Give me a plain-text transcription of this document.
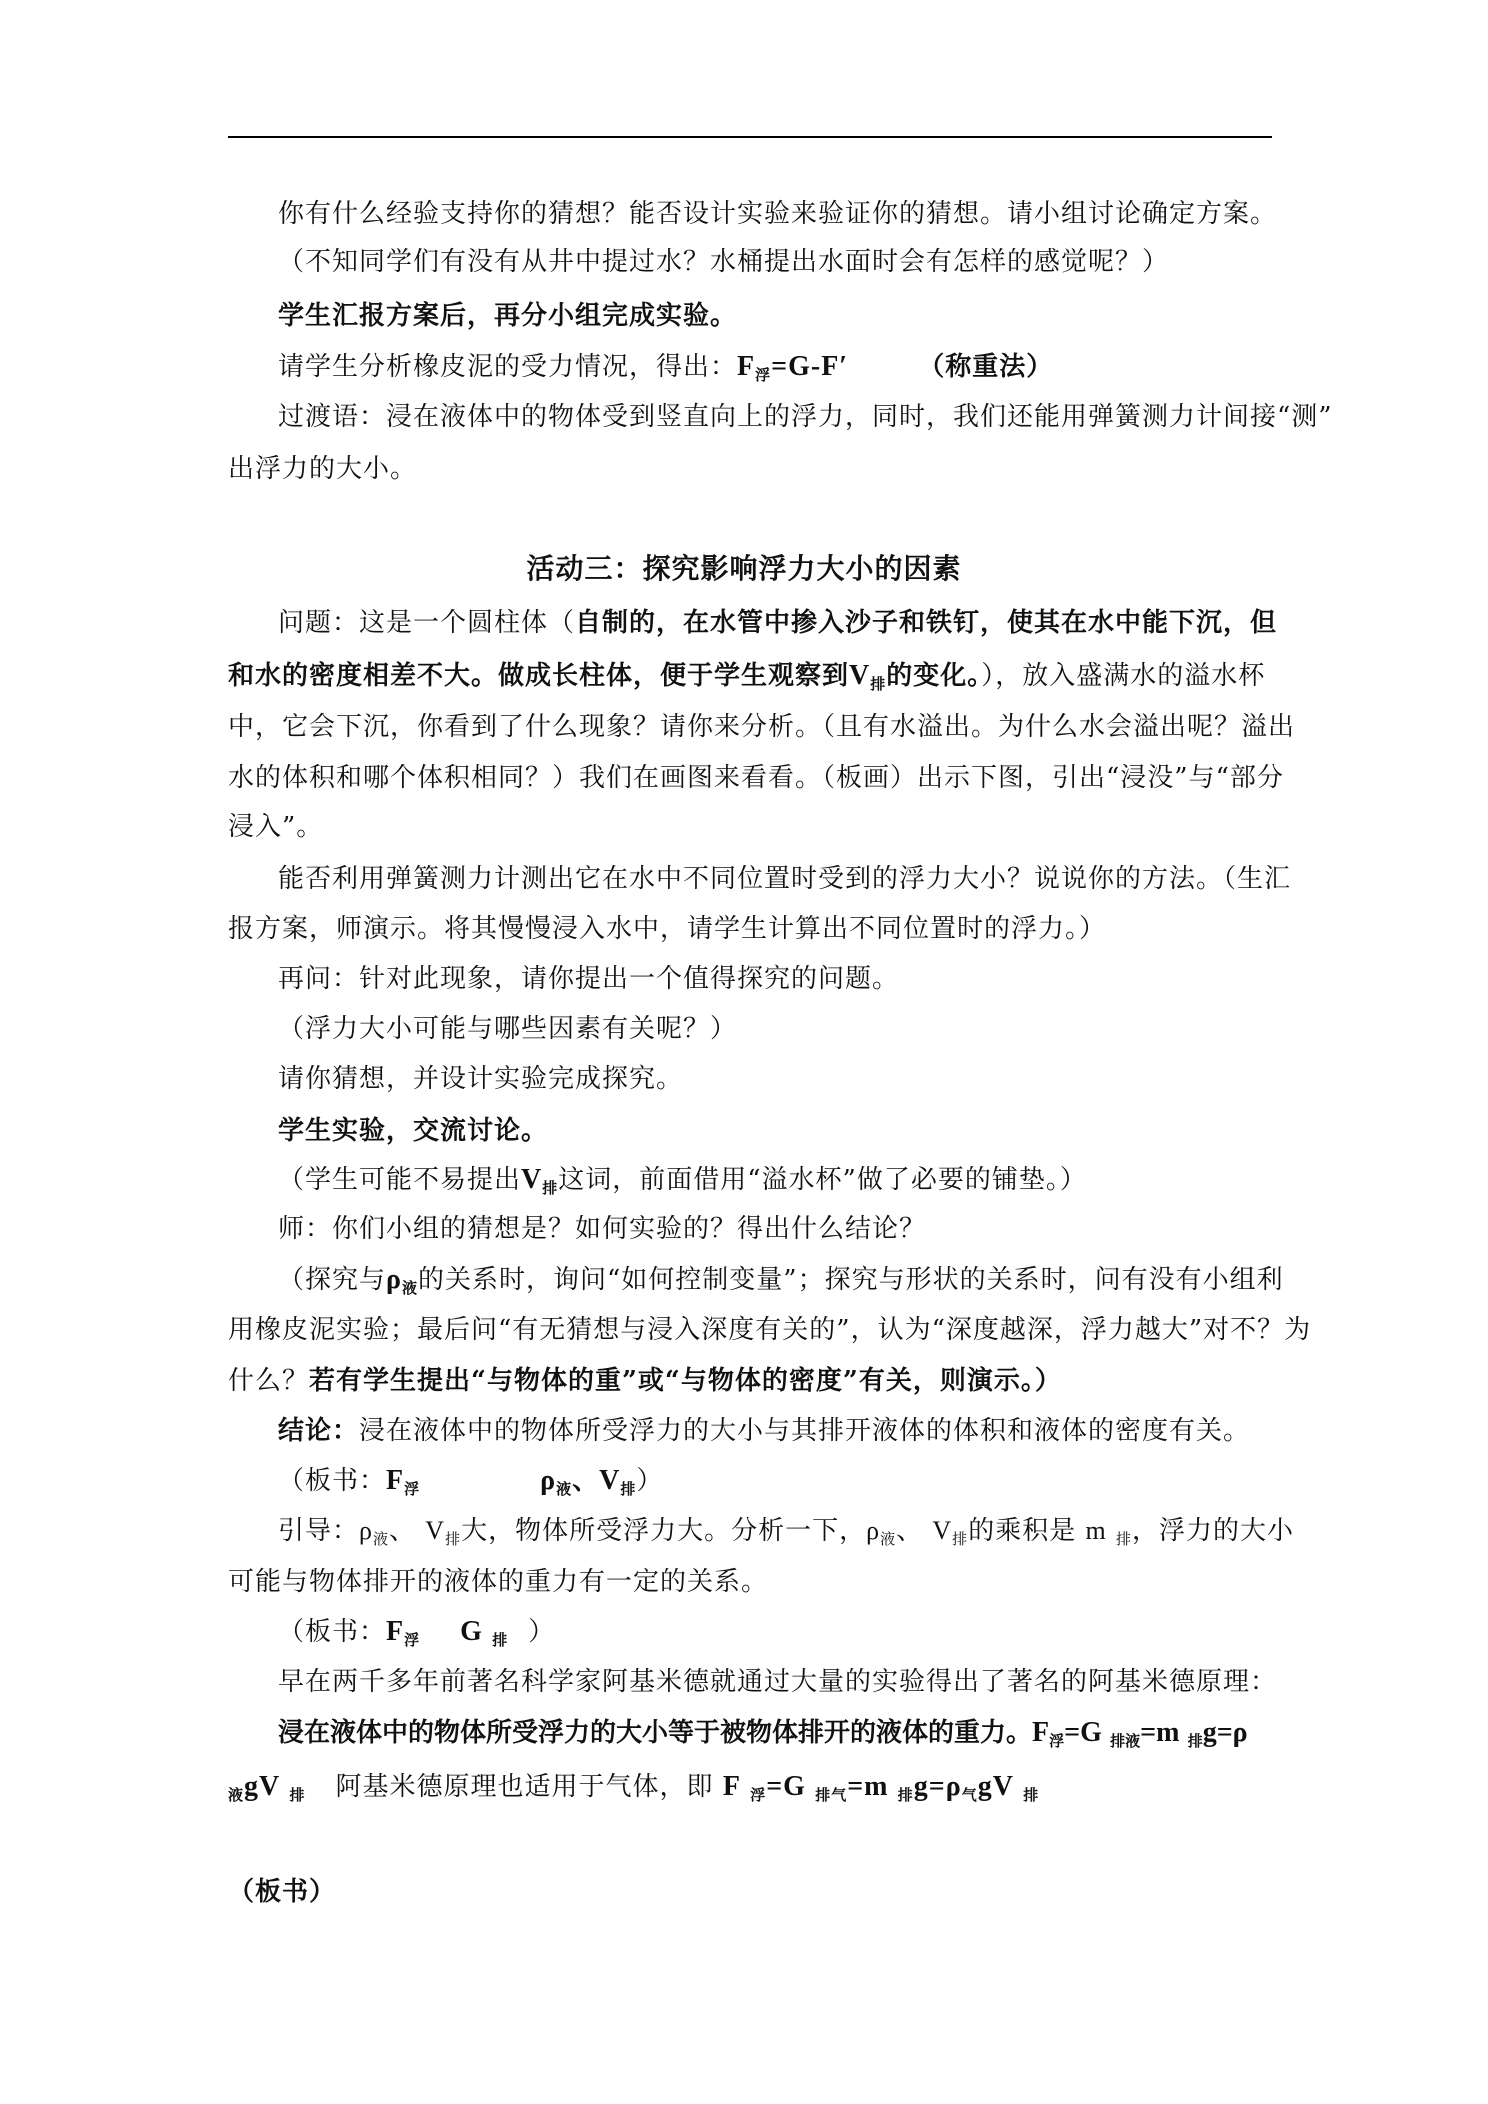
你有什么经验支持你的猜想？能否设计实验来验证你的猜想。请小组讨论确定方案。
（不知同学们有没有从井中提过水？水桶提出水面时会有怎样的感觉呢？）
学生汇报方案后，再分小组完成实验。
请学生分析橡皮泥的受力情况，得出：$F_浮=G-F'$	（称重法）
过渡语：浸在液体中的物体受到竖直向上的浮力，同时，我们还能用弹簧测力计间接“测”
出浮力的大小。
活动三：探究影响浮力大小的因素
问题：这是一个圆柱体（自制的，在水管中掺入沙子和铁钉，使其在水中能下沉，但
和水的密度相差不大。做成长柱体，便于学生观察到$V_排$的变化。），放入盛满水的溢水杯
中，它会下沉，你看到了什么现象？请你来分析。（且有水溢出。为什么水会溢出呢？溢出
水的体积和哪个体积相同？）我们在画图来看看。（板画）出示下图，引出“浸没”与“部分
浸入”。
能否利用弹簧测力计测出它在水中不同位置时受到的浮力大小？说说你的方法。（生汇
报方案，师演示。将其慢慢浸入水中，请学生计算出不同位置时的浮力。）
再问：针对此现象，请你提出一个值得探究的问题。
（浮力大小可能与哪些因素有关呢？）
请你猜想，并设计实验完成探究。
学生实验，交流讨论。
（学生可能不易提出$V_排$这词，前面借用“溢水杯”做了必要的铺垫。）
师：你们小组的猜想是？如何实验的？得出什么结论？
（探究与$\rho_液$的关系时，询问“如何控制变量”；探究与形状的关系时，问有没有小组利
用橡皮泥实验；最后问“有无猜想与浸入深度有关的”，认为“深度越深，浮力越大”对不？为
什么？若有学生提出“与物体的重”或“与物体的密度”有关，则演示。）
结论：浸在液体中的物体所受浮力的大小与其排开液体的体积和液体的密度有关。
（板书：$F_浮$	$\rho_液$、$V_排$）
引导：ρ液、 V排大，物体所受浮力大。分析一下，ρ液、 V排的乘积是 m 排，浮力的大小
可能与物体排开的液体的重力有一定的关系。
（板书：$F_浮$ G $_排$ ）
早在两千多年前著名科学家阿基米德就通过大量的实验得出了著名的阿基米德原理：
浸在液体中的物体所受浮力的大小等于被物体排开的液体的重力。$F_浮=G$ $_{排液}$=m $_排$g=ρ
$_液$gV $_排$ 阿基米德原理也适用于气体，即 F $_浮$=G $_{排气}$=m $_排g=\rho_气gV$ $_排$
（板书）
